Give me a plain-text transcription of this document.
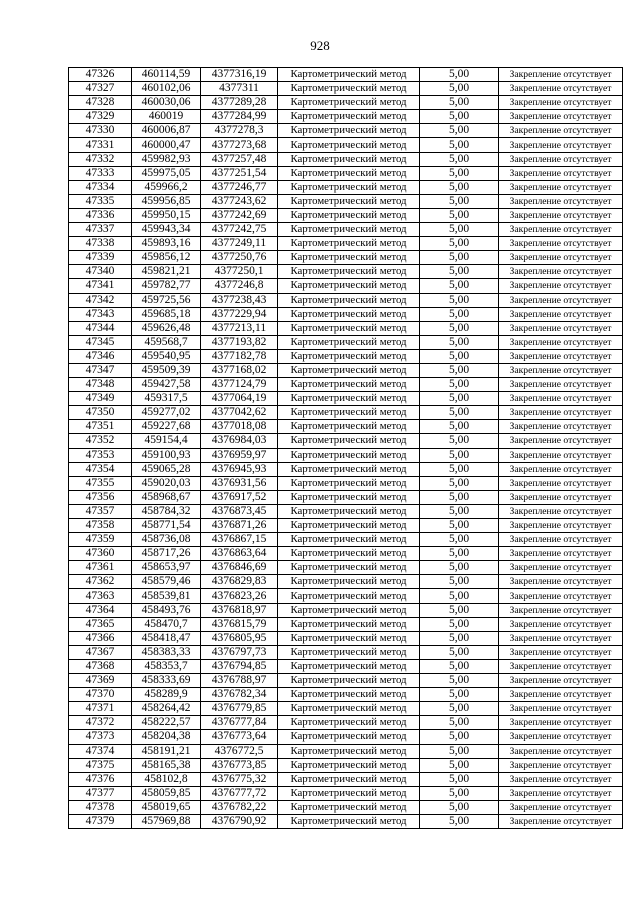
928
47326	460114,59	4377316,19	Картометрический метод	5,00	Закрепление отсутствует
47327	460102,06	4377311	Картометрический метод	5,00	Закрепление отсутствует
47328	460030,06	4377289,28	Картометрический метод	5,00	Закрепление отсутствует
47329	460019	4377284,99	Картометрический метод	5,00	Закрепление отсутствует
47330	460006,87	4377278,3	Картометрический метод	5,00	Закрепление отсутствует
47331	460000,47	4377273,68	Картометрический метод	5,00	Закрепление отсутствует
47332	459982,93	4377257,48	Картометрический метод	5,00	Закрепление отсутствует
47333	459975,05	4377251,54	Картометрический метод	5,00	Закрепление отсутствует
47334	459966,2	4377246,77	Картометрический метод	5,00	Закрепление отсутствует
47335	459956,85	4377243,62	Картометрический метод	5,00	Закрепление отсутствует
47336	459950,15	4377242,69	Картометрический метод	5,00	Закрепление отсутствует
47337	459943,34	4377242,75	Картометрический метод	5,00	Закрепление отсутствует
47338	459893,16	4377249,11	Картометрический метод	5,00	Закрепление отсутствует
47339	459856,12	4377250,76	Картометрический метод	5,00	Закрепление отсутствует
47340	459821,21	4377250,1	Картометрический метод	5,00	Закрепление отсутствует
47341	459782,77	4377246,8	Картометрический метод	5,00	Закрепление отсутствует
47342	459725,56	4377238,43	Картометрический метод	5,00	Закрепление отсутствует
47343	459685,18	4377229,94	Картометрический метод	5,00	Закрепление отсутствует
47344	459626,48	4377213,11	Картометрический метод	5,00	Закрепление отсутствует
47345	459568,7	4377193,82	Картометрический метод	5,00	Закрепление отсутствует
47346	459540,95	4377182,78	Картометрический метод	5,00	Закрепление отсутствует
47347	459509,39	4377168,02	Картометрический метод	5,00	Закрепление отсутствует
47348	459427,58	4377124,79	Картометрический метод	5,00	Закрепление отсутствует
47349	459317,5	4377064,19	Картометрический метод	5,00	Закрепление отсутствует
47350	459277,02	4377042,62	Картометрический метод	5,00	Закрепление отсутствует
47351	459227,68	4377018,08	Картометрический метод	5,00	Закрепление отсутствует
47352	459154,4	4376984,03	Картометрический метод	5,00	Закрепление отсутствует
47353	459100,93	4376959,97	Картометрический метод	5,00	Закрепление отсутствует
47354	459065,28	4376945,93	Картометрический метод	5,00	Закрепление отсутствует
47355	459020,03	4376931,56	Картометрический метод	5,00	Закрепление отсутствует
47356	458968,67	4376917,52	Картометрический метод	5,00	Закрепление отсутствует
47357	458784,32	4376873,45	Картометрический метод	5,00	Закрепление отсутствует
47358	458771,54	4376871,26	Картометрический метод	5,00	Закрепление отсутствует
47359	458736,08	4376867,15	Картометрический метод	5,00	Закрепление отсутствует
47360	458717,26	4376863,64	Картометрический метод	5,00	Закрепление отсутствует
47361	458653,97	4376846,69	Картометрический метод	5,00	Закрепление отсутствует
47362	458579,46	4376829,83	Картометрический метод	5,00	Закрепление отсутствует
47363	458539,81	4376823,26	Картометрический метод	5,00	Закрепление отсутствует
47364	458493,76	4376818,97	Картометрический метод	5,00	Закрепление отсутствует
47365	458470,7	4376815,79	Картометрический метод	5,00	Закрепление отсутствует
47366	458418,47	4376805,95	Картометрический метод	5,00	Закрепление отсутствует
47367	458383,33	4376797,73	Картометрический метод	5,00	Закрепление отсутствует
47368	458353,7	4376794,85	Картометрический метод	5,00	Закрепление отсутствует
47369	458333,69	4376788,97	Картометрический метод	5,00	Закрепление отсутствует
47370	458289,9	4376782,34	Картометрический метод	5,00	Закрепление отсутствует
47371	458264,42	4376779,85	Картометрический метод	5,00	Закрепление отсутствует
47372	458222,57	4376777,84	Картометрический метод	5,00	Закрепление отсутствует
47373	458204,38	4376773,64	Картометрический метод	5,00	Закрепление отсутствует
47374	458191,21	4376772,5	Картометрический метод	5,00	Закрепление отсутствует
47375	458165,38	4376773,85	Картометрический метод	5,00	Закрепление отсутствует
47376	458102,8	4376775,32	Картометрический метод	5,00	Закрепление отсутствует
47377	458059,85	4376777,72	Картометрический метод	5,00	Закрепление отсутствует
47378	458019,65	4376782,22	Картометрический метод	5,00	Закрепление отсутствует
47379	457969,88	4376790,92	Картометрический метод	5,00	Закрепление отсутствует
